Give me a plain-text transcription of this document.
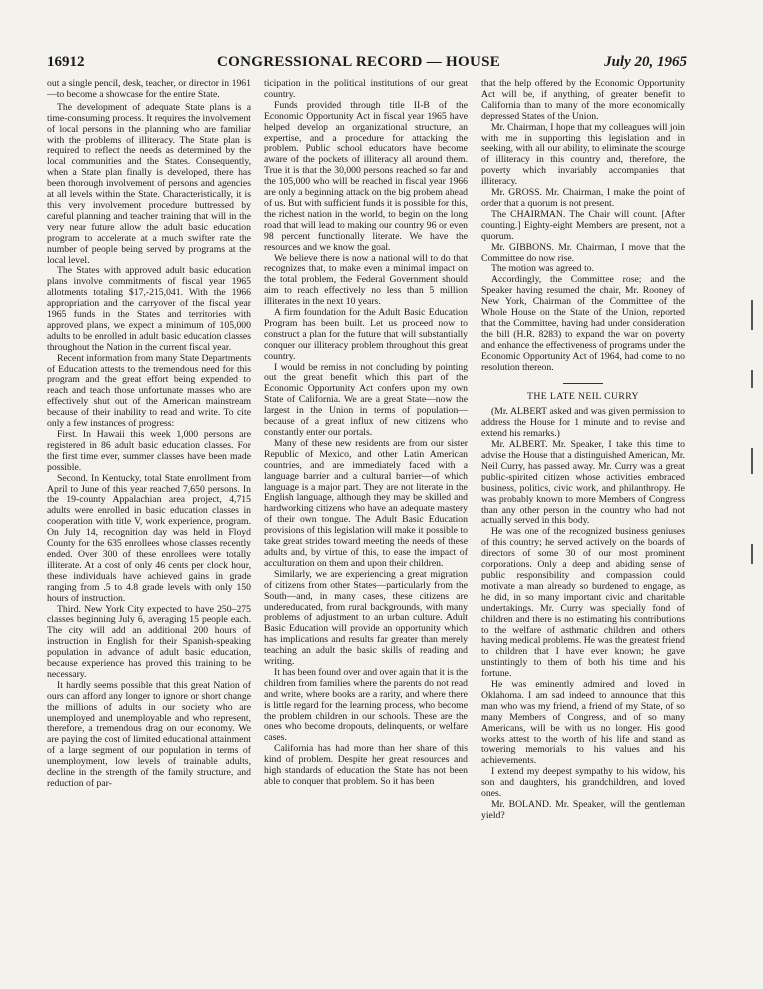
16912	CONGRESSIONAL RECORD — HOUSE	July 20, 1965

out a single pencil, desk, teacher, or director in 1961—to become a showcase for the entire State.

The development of adequate State plans is a time-consuming process. It requires the involvement of local persons in the planning who are familiar with the problems of illiteracy. The State plan is required to reflect the needs as determined by the local communities and the States. Consequently, when a State plan finally is developed, there has been thorough involvement of persons and agencies at all levels within the State. Characteristically, it is this very involvement procedure buttressed by careful planning and teacher training that will in the very near future allow the adult basic education program to accelerate at a much swifter rate the number of people being served by programs at the local level.

The States with approved adult basic education plans involve commitments of fiscal year 1965 allotments totaling $17,-215,041. With the 1966 appropriation and the carryover of the fiscal year 1965 funds in the States and territories with approved plans, we expect a minimum of 105,000 adults to be enrolled in adult basic education classes throughout the Nation in the current fiscal year.

Recent information from many State Departments of Education attests to the tremendous need for this program and the great effort being expended to reach and teach those unfortunate masses who are effectively shut out of the American mainstream because of their inability to read and write. To cite only a few instances of progress:

First. In Hawaii this week 1,000 persons are registered in 86 adult basic education classes. For the first time ever, summer classes have been made possible.

Second. In Kentucky, total State enrollment from April to June of this year reached 7,650 persons. In the 19-county Appalachian area project, 4,715 adults were enrolled in basic education classes in cooperation with title V, work experience, program. On July 14, recognition day was held in Floyd County for the 635 enrollees whose classes recently ended. Over 300 of these enrollees were totally illiterate. At a cost of only 46 cents per clock hour, these individuals have achieved gains in grade ranging from .5 to 4.8 grade levels with only 150 hours of instruction.

Third. New York City expected to have 250–275 classes beginning July 6, averaging 15 people each. The city will add an additional 200 hours of instruction in English for their Spanish-speaking population in advance of adult basic education, because experience has proved this training to be necessary.

It hardly seems possible that this great Nation of ours can afford any longer to ignore or short change the millions of adults in our society who are unemployed and unemployable and who represent, therefore, a tremendous drag on our economy. We are paying the cost of limited educational attainment of a large segment of our population in terms of unemployment, low levels of trainable adults, decline in the strength of the family structure, and reduction of par-

ticipation in the political institutions of our great country.

Funds provided through title II-B of the Economic Opportunity Act in fiscal year 1965 have helped develop an organizational structure, an expertise, and a procedure for attacking the problem. Public school educators have become aware of the pockets of illiteracy all around them. True it is that the 30,000 persons reached so far and the 105,000 who will be reached in fiscal year 1966 are only a beginning attack on the big probem ahead of us. But with sufficient funds it is possible for this, the richest nation in the world, to begin on the long road that will lead to making our country 96 or even 98 percent functionally literate. We have the resources and we know the goal.

We believe there is now a national will to do that recognizes that, to make even a minimal impact on the total problem, the Federal Government should aim to reach effectively no less than 5 million illiterates in the next 10 years.

A firm foundation for the Adult Basic Education Program has been built. Let us proceed now to construct a plan for the future that will substantially conquer our illiteracy problem throughout this great country.

I would be remiss in not concluding by pointing out the great benefit which this part of the Economic Opportunity Act confers upon my own State of California. We are a great State—now the largest in the Union in terms of population—because of a great influx of new citizens who constantly enter our portals.

Many of these new residents are from our sister Republic of Mexico, and other Latin American countries, and are immediately faced with a language barrier and a cultural barrier—of which language is a major part. They are not literate in the English language, although they may be skilled and hardworking citizens who have an adequate mastery of their own tongue. The Adult Basic Education provisions of this legislation will make it possible to take great strides toward meeting the needs of these adults and, by virtue of this, to ease the impact of acculturation on them and upon their children.

Similarly, we are experiencing a great migration of citizens from other States—particularly from the South—and, in many cases, these citizens are undereducated, from rural backgrounds, with many problems of adjustment to an urban culture. Adult Basic Education will provide an opportunity which has implications and results far greater than merely teaching an adult the basic skills of reading and writing.

It has been found over and over again that it is the children from families where the parents do not read and write, where books are a rarity, and where there is little regard for the learning process, who become the problem children in our schools. These are the ones who become dropouts, delinquents, or welfare cases.

California has had more than her share of this kind of problem. Despite her great resources and high standards of education the State has not been able to conquer that problem. So it has been

that the help offered by the Economic Opportunity Act will be, if anything, of greater benefit to California than to many of the more economically depressed States of the Union.

Mr. Chairman, I hope that my colleagues will join with me in supporting this legislation and in seeking, with all our ability, to eliminate the scourge of illiteracy in this country and, therefore, the poverty which invariably accompanies that illiteracy.

Mr. GROSS. Mr. Chairman, I make the point of order that a quorum is not present.

The CHAIRMAN. The Chair will count. [After counting.] Eighty-eight Members are present, not a quorum.

Mr. GIBBONS. Mr. Chairman, I move that the Committee do now rise.

The motion was agreed to.

Accordingly, the Committee rose; and the Speaker having resumed the chair, Mr. Rooney of New York, Chairman of the Committee of the Whole House on the State of the Union, reported that the Committee, having had under consideration the bill (H.R. 8283) to expand the war on poverty and enhance the effectiveness of programs under the Economic Opportunity Act of 1964, had come to no resolution thereon.

THE LATE NEIL CURRY

(Mr. ALBERT asked and was given permission to address the House for 1 minute and to revise and extend his remarks.)

Mr. ALBERT. Mr. Speaker, I take this time to advise the House that a distinguished American, Mr. Neil Curry, has passed away. Mr. Curry was a great public-spirited citizen whose activities embraced business, politics, civic work, and philanthropy. He was probably known to more Members of Congress than any other person in the country who had not actually served in this body.

He was one of the recognized business geniuses of this country; he served actively on the boards of directors of some 30 of our most prominent corporations. Only a deep and abiding sense of public responsibility and compassion could motivate a man already so burdened to engage, as he did, in so many important civic and charitable undertakings. Mr. Curry was specially fond of children and there is no estimating his contributions to the welfare of asthmatic children and others having medical problems. He was the greatest friend to children that I have ever known; he gave unstintingly to them of both his time and his fortune.

He was eminently admired and loved in Oklahoma. I am sad indeed to announce that this man who was my friend, a friend of my State, of so many Members of Congress, and of so many Americans, will be with us no longer. His good works attest to the worth of his life and stand as towering memorials to his values and his achievements.

I extend my deepest sympathy to his widow, his son and daughters, his grandchildren, and loved ones.

Mr. BOLAND. Mr. Speaker, will the gentleman yield?
